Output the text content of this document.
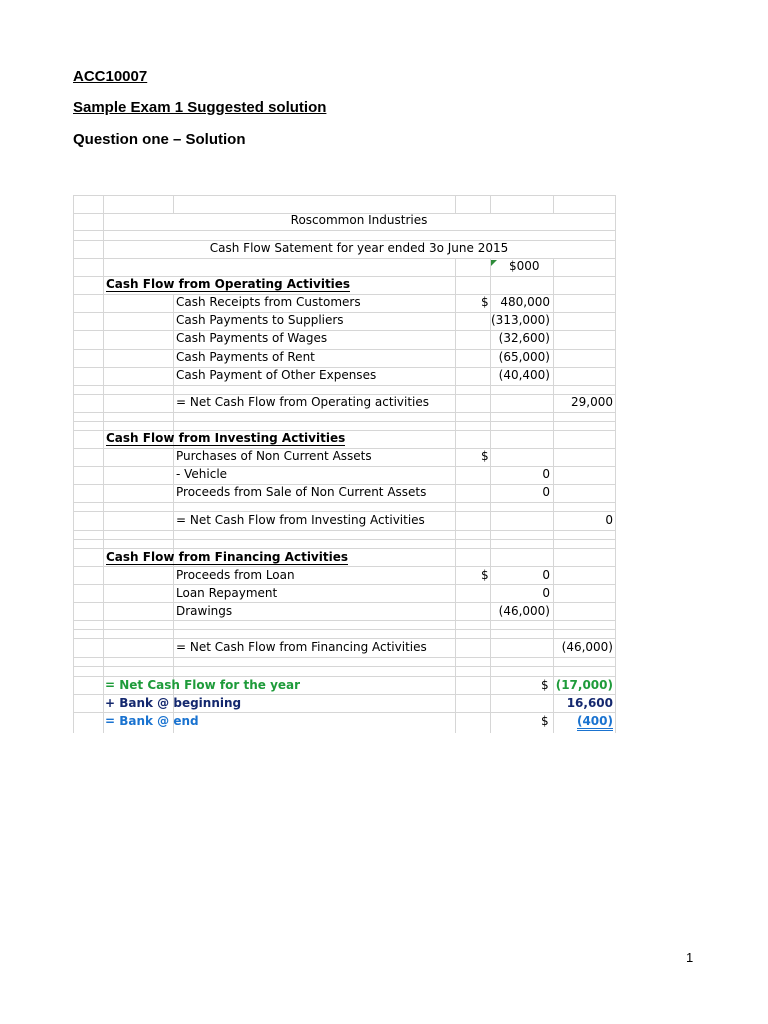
ACC10007
Sample Exam 1 Suggested solution
Question one – Solution
Roscommon Industries
Cash Flow Satement for year ended 3o June 2015
$000
Cash Flow from Operating Activities
Cash Receipts from Customers	$ 480,000
Cash Payments to Suppliers	(313,000)
Cash Payments of Wages	(32,600)
Cash Payments of Rent	(65,000)
Cash Payment of Other Expenses	(40,400)
= Net Cash Flow from Operating activities	29,000
Cash Flow from Investing Activities
Purchases of Non Current Assets	$
- Vehicle	0
Proceeds from Sale of Non Current Assets	0
= Net Cash Flow from Investing Activities	0
Cash Flow from Financing Activities
Proceeds from Loan	$	0
Loan Repayment	0
Drawings	(46,000)
= Net Cash Flow from Financing Activities	(46,000)
= Net Cash Flow for the year	$ (17,000)
+ Bank @ beginning	16,600
= Bank @ end	$ (400)
1
